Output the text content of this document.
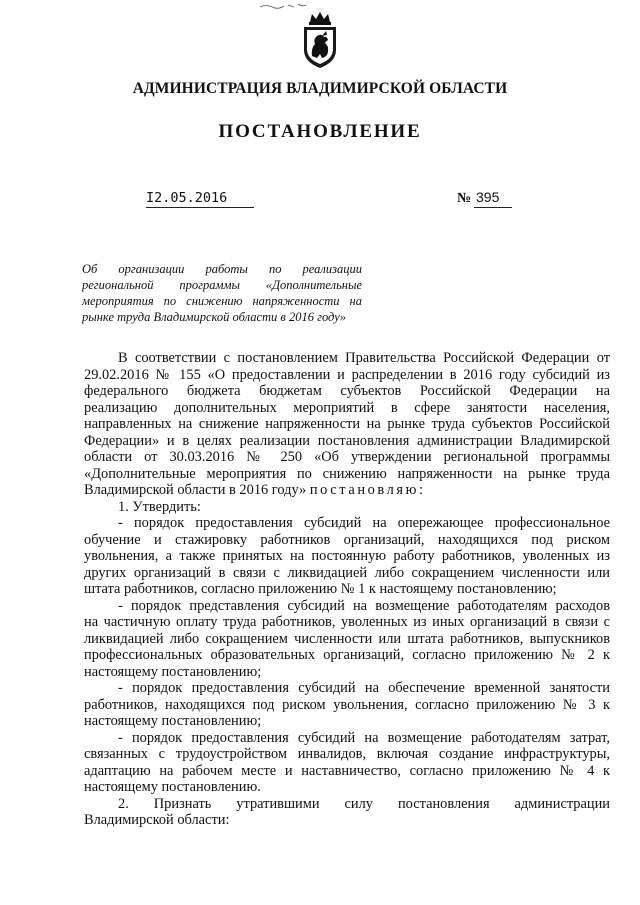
АДМИНИСТРАЦИЯ ВЛАДИМИРСКОЙ ОБЛАСТИ
ПОСТАНОВЛЕНИЕ
I2.05.2016	№ 395
Об организации работы по реализации
региональной программы «Дополнительные
мероприятия по снижению напряженности на
рынке труда Владимирской области в 2016 году»
В соответствии с постановлением Правительства Российской Федерации от
29.02.2016 № 155 «О предоставлении и распределении в 2016 году субсидий из
федерального бюджета бюджетам субъектов Российской Федерации на
реализацию дополнительных мероприятий в сфере занятости населения,
направленных на снижение напряженности на рынке труда субъектов Российской
Федерации» и в целях реализации постановления администрации Владимирской
области от 30.03.2016 № 250 «Об утверждении региональной программы
«Дополнительные мероприятия по снижению напряженности на рынке труда
Владимирской области в 2016 году» постановляю:
1. Утвердить:
- порядок предоставления субсидий на опережающее профессиональное
обучение и стажировку работников организаций, находящихся под риском
увольнения, а также принятых на постоянную работу работников, уволенных из
других организаций в связи с ликвидацией либо сокращением численности или
штата работников, согласно приложению № 1 к настоящему постановлению;
- порядок представления субсидий на возмещение работодателям расходов
на частичную оплату труда работников, уволенных из иных организаций в связи с
ликвидацией либо сокращением численности или штата работников, выпускников
профессиональных образовательных организаций, согласно приложению № 2 к
настоящему постановлению;
- порядок предоставления субсидий на обеспечение временной занятости
работников, находящихся под риском увольнения, согласно приложению № 3 к
настоящему постановлению;
- порядок предоставления субсидий на возмещение работодателям затрат,
связанных с трудоустройством инвалидов, включая создание инфраструктуры,
адаптацию на рабочем месте и наставничество, согласно приложению № 4 к
настоящему постановлению.
2. Признать утратившими силу постановления администрации
Владимирской области:
